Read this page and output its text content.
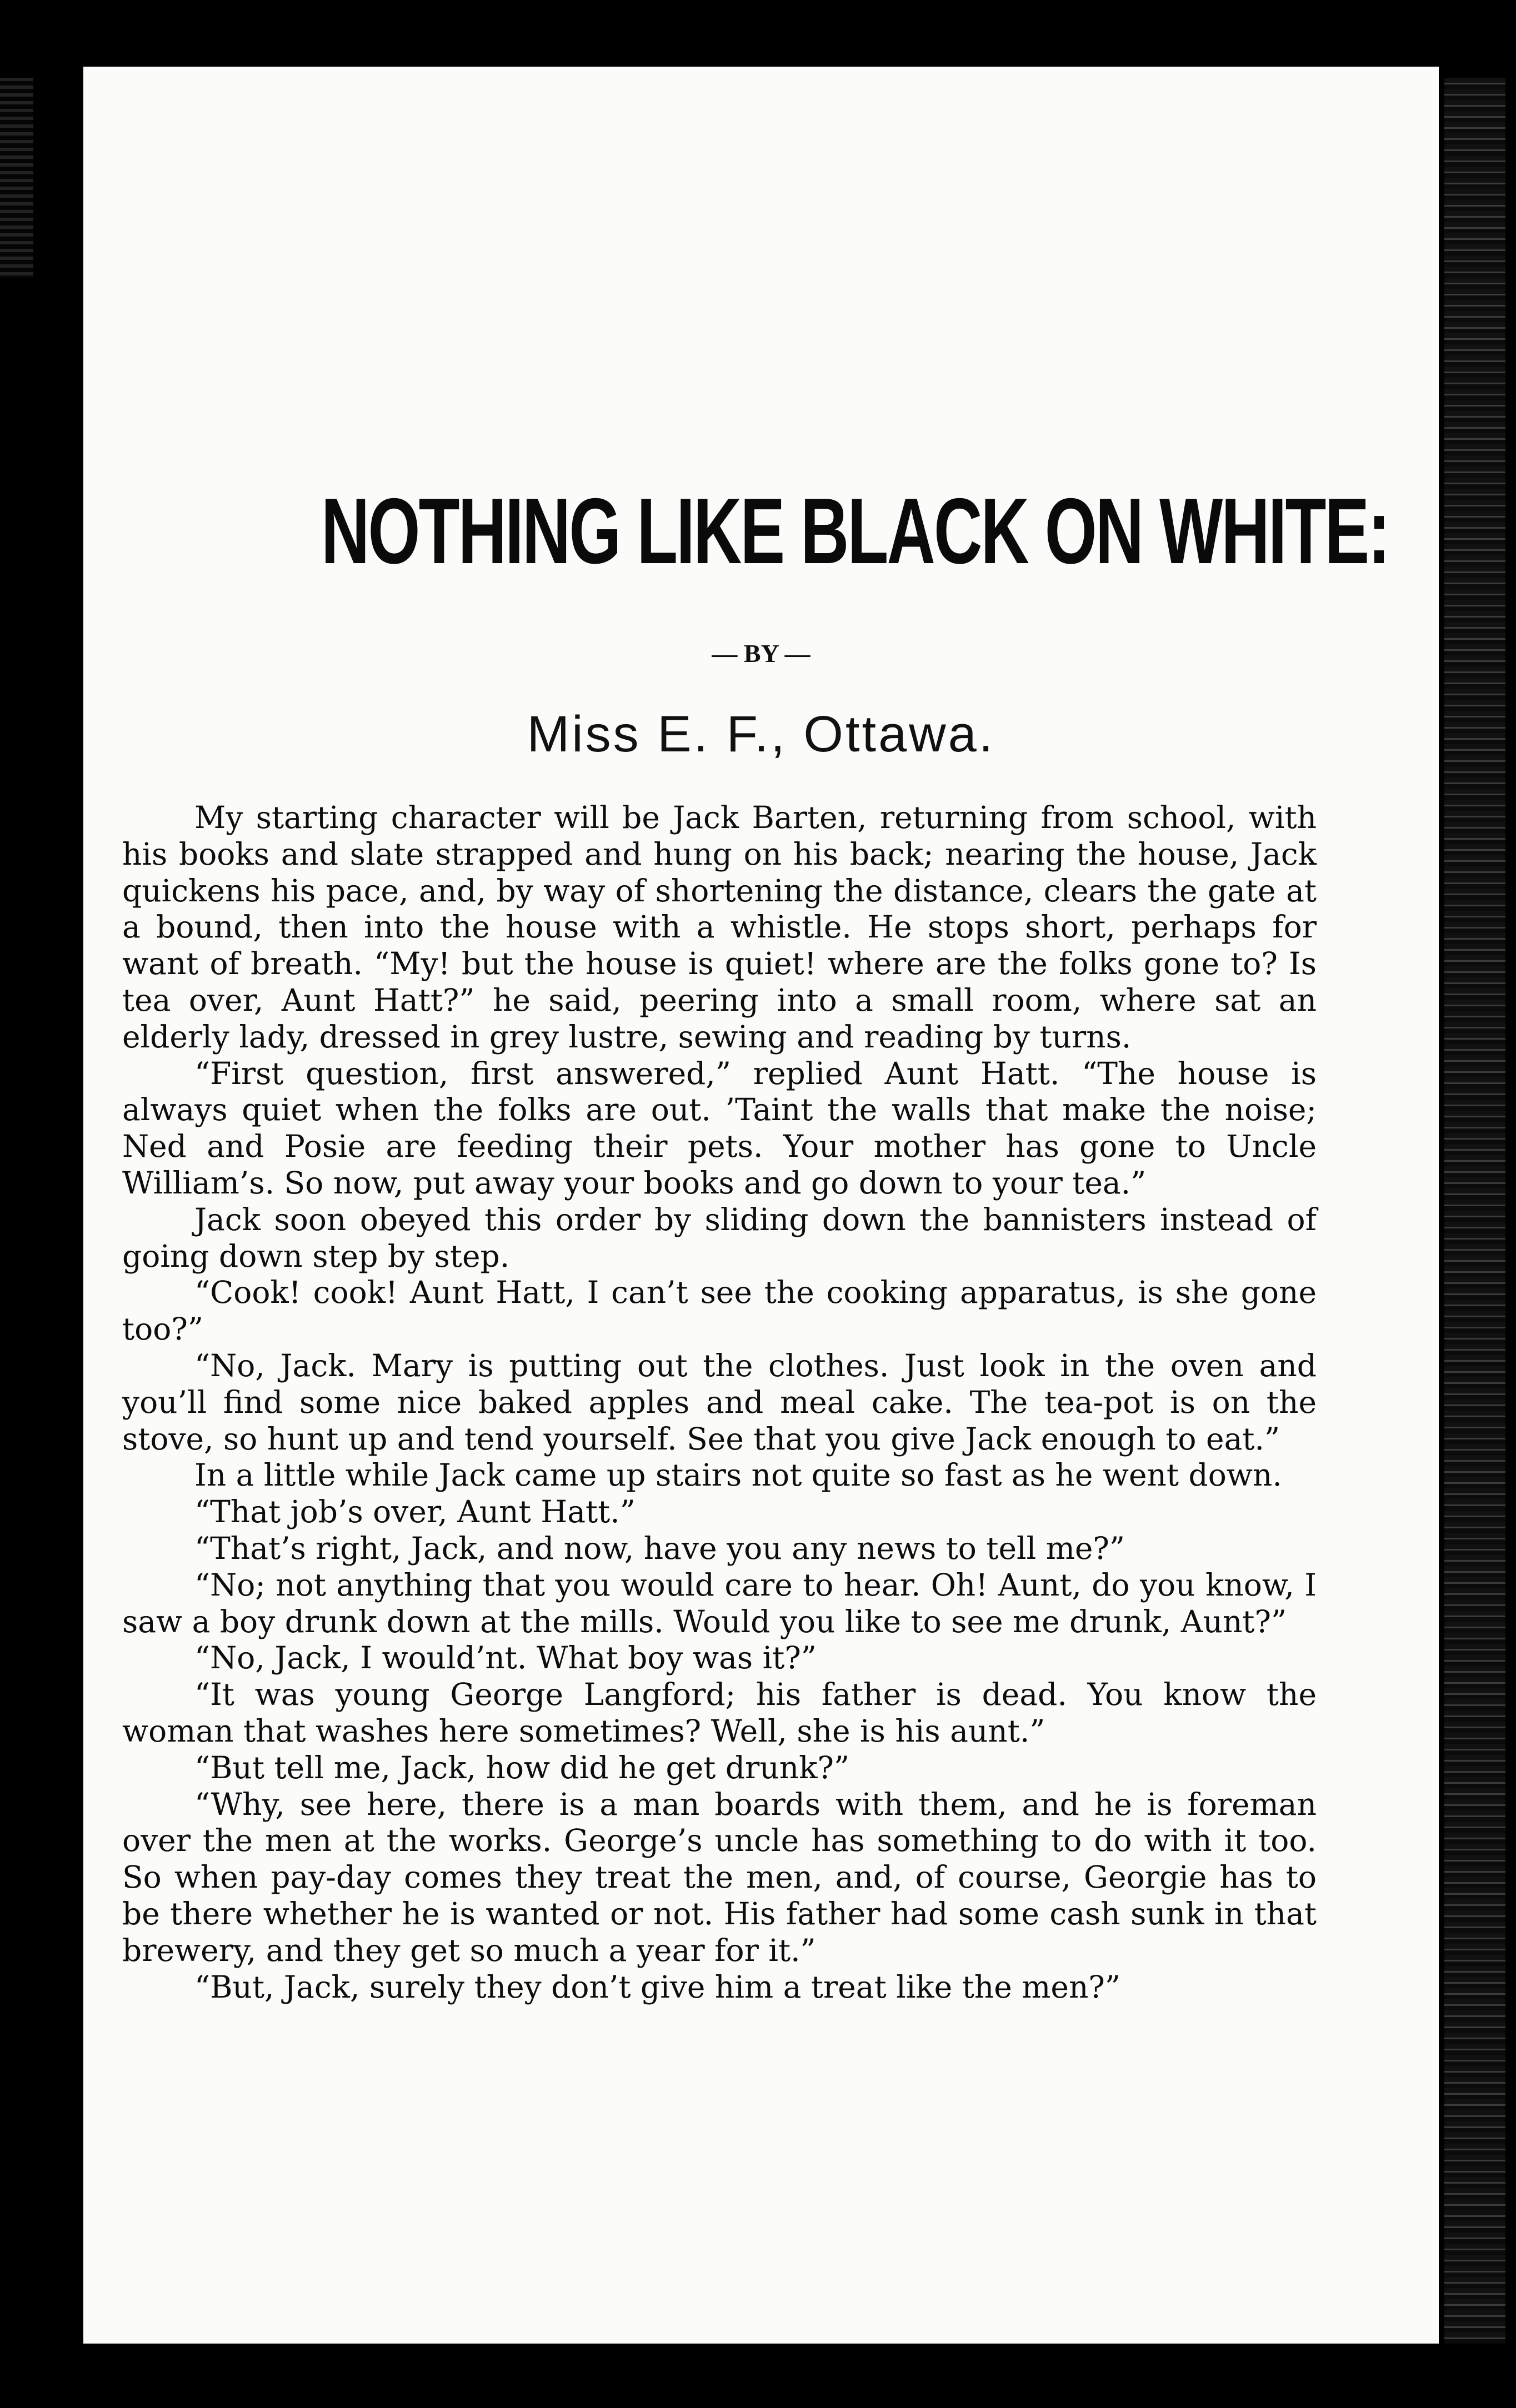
NOTHING LIKE BLACK ON WHITE:
— BY —
Miss E. F., Ottawa.

My starting character will be Jack Barten, returning from school, with his books and slate strapped and hung on his back; nearing the house, Jack quickens his pace, and, by way of shortening the distance, clears the gate at a bound, then into the house with a whistle. He stops short, perhaps for want of breath. “My! but the house is quiet! where are the folks gone to? Is tea over, Aunt Hatt?” he said, peering into a small room, where sat an elderly lady, dressed in grey lustre, sewing and reading by turns.

“First question, first answered,” replied Aunt Hatt. “The house is always quiet when the folks are out. ’Taint the walls that make the noise; Ned and Posie are feeding their pets. Your mother has gone to Uncle William’s. So now, put away your books and go down to your tea.”

Jack soon obeyed this order by sliding down the bannisters instead of going down step by step.

“Cook! cook! Aunt Hatt, I can’t see the cooking apparatus, is she gone too?”

“No, Jack. Mary is putting out the clothes. Just look in the oven and you’ll find some nice baked apples and meal cake. The tea-pot is on the stove, so hunt up and tend yourself. See that you give Jack enough to eat.”

In a little while Jack came up stairs not quite so fast as he went down.

“That job’s over, Aunt Hatt.”

“That’s right, Jack, and now, have you any news to tell me?”

“No; not anything that you would care to hear. Oh! Aunt, do you know, I saw a boy drunk down at the mills. Would you like to see me drunk, Aunt?”

“No, Jack, I would’nt. What boy was it?”

“It was young George Langford; his father is dead. You know the woman that washes here sometimes? Well, she is his aunt.”

“But tell me, Jack, how did he get drunk?”

“Why, see here, there is a man boards with them, and he is foreman over the men at the works. George’s uncle has something to do with it too. So when pay-day comes they treat the men, and, of course, Georgie has to be there whether he is wanted or not. His father had some cash sunk in that brewery, and they get so much a year for it.”

“But, Jack, surely they don’t give him a treat like the men?”
